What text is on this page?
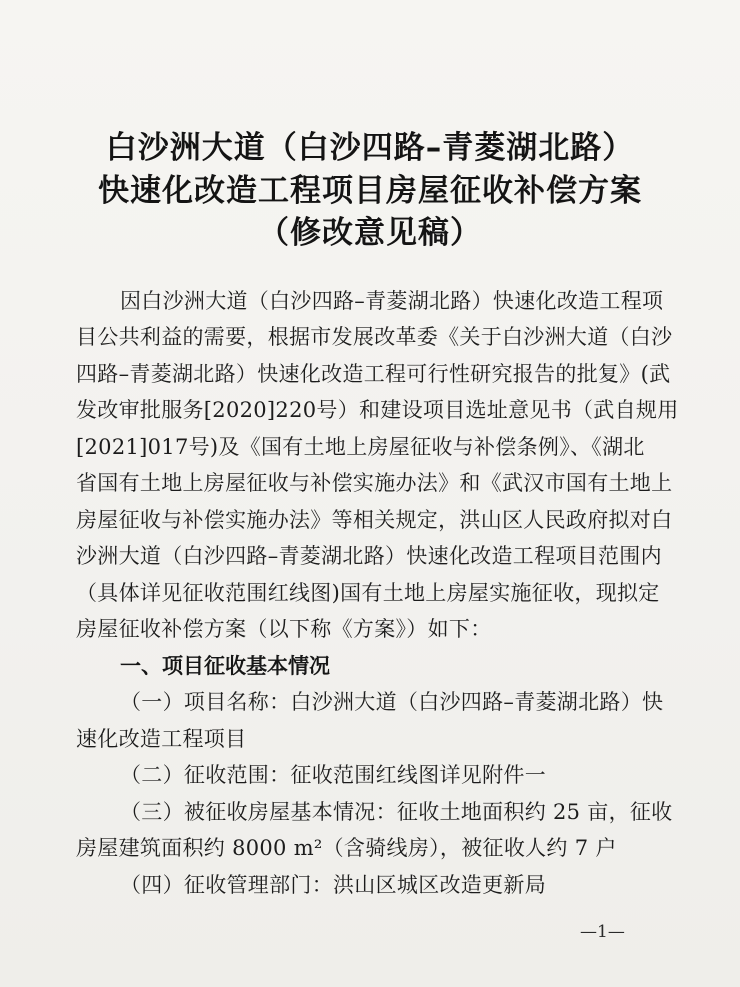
白沙洲大道（白沙四路–青菱湖北路）
快速化改造工程项目房屋征收补偿方案
（修改意见稿）
因白沙洲大道（白沙四路–青菱湖北路）快速化改造工程项
目公共利益的需要，根据市发展改革委《关于白沙洲大道（白沙
四路–青菱湖北路）快速化改造工程可行性研究报告的批复》(武
发改审批服务[2020]220号）和建设项目选址意见书（武自规用
[2021]017号)及《国有土地上房屋征收与补偿条例》、《湖北
省国有土地上房屋征收与补偿实施办法》和《武汉市国有土地上
房屋征收与补偿实施办法》等相关规定，洪山区人民政府拟对白
沙洲大道（白沙四路–青菱湖北路）快速化改造工程项目范围内
（具体详见征收范围红线图)国有土地上房屋实施征收，现拟定
房屋征收补偿方案（以下称《方案》）如下：
一、项目征收基本情况
（一）项目名称：白沙洲大道（白沙四路–青菱湖北路）快
速化改造工程项目
（二）征收范围：征收范围红线图详见附件一
（三）被征收房屋基本情况：征收土地面积约 25 亩，征收
房屋建筑面积约 8000 m²（含骑线房），被征收人约 7 户
（四）征收管理部门：洪山区城区改造更新局
—1—
